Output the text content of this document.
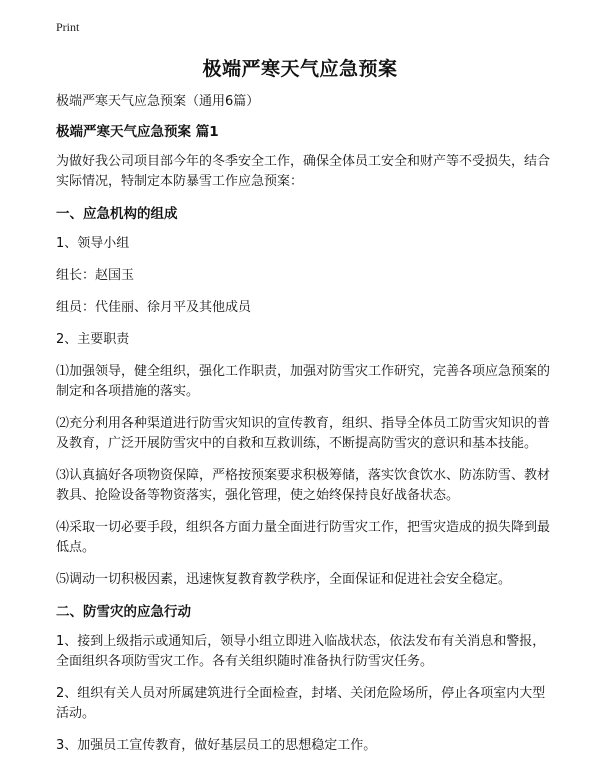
Print
极端严寒天气应急预案

极端严寒天气应急预案（通用6篇）

极端严寒天气应急预案 篇1

为做好我公司项目部今年的冬季安全工作，确保全体员工安全和财产等不受损失，结合实际情况，特制定本防暴雪工作应急预案：

一、应急机构的组成

1、领导小组

组长：赵国玉

组员：代佳丽、徐月平及其他成员

2、主要职责

⑴加强领导，健全组织，强化工作职责，加强对防雪灾工作研究，完善各项应急预案的制定和各项措施的落实。

⑵充分利用各种渠道进行防雪灾知识的宣传教育，组织、指导全体员工防雪灾知识的普及教育，广泛开展防雪灾中的自救和互救训练，不断提高防雪灾的意识和基本技能。

⑶认真搞好各项物资保障，严格按预案要求积极筹储，落实饮食饮水、防冻防雪、教材教具、抢险设备等物资落实，强化管理，使之始终保持良好战备状态。

⑷采取一切必要手段，组织各方面力量全面进行防雪灾工作，把雪灾造成的损失降到最低点。

⑸调动一切积极因素，迅速恢复教育教学秩序，全面保证和促进社会安全稳定。

二、防雪灾的应急行动

1、接到上级指示或通知后，领导小组立即进入临战状态，依法发布有关消息和警报，全面组织各项防雪灾工作。各有关组织随时准备执行防雪灾任务。

2、组织有关人员对所属建筑进行全面检查，封堵、关闭危险场所，停止各项室内大型活动。

3、加强员工宣传教育，做好基层员工的思想稳定工作。
